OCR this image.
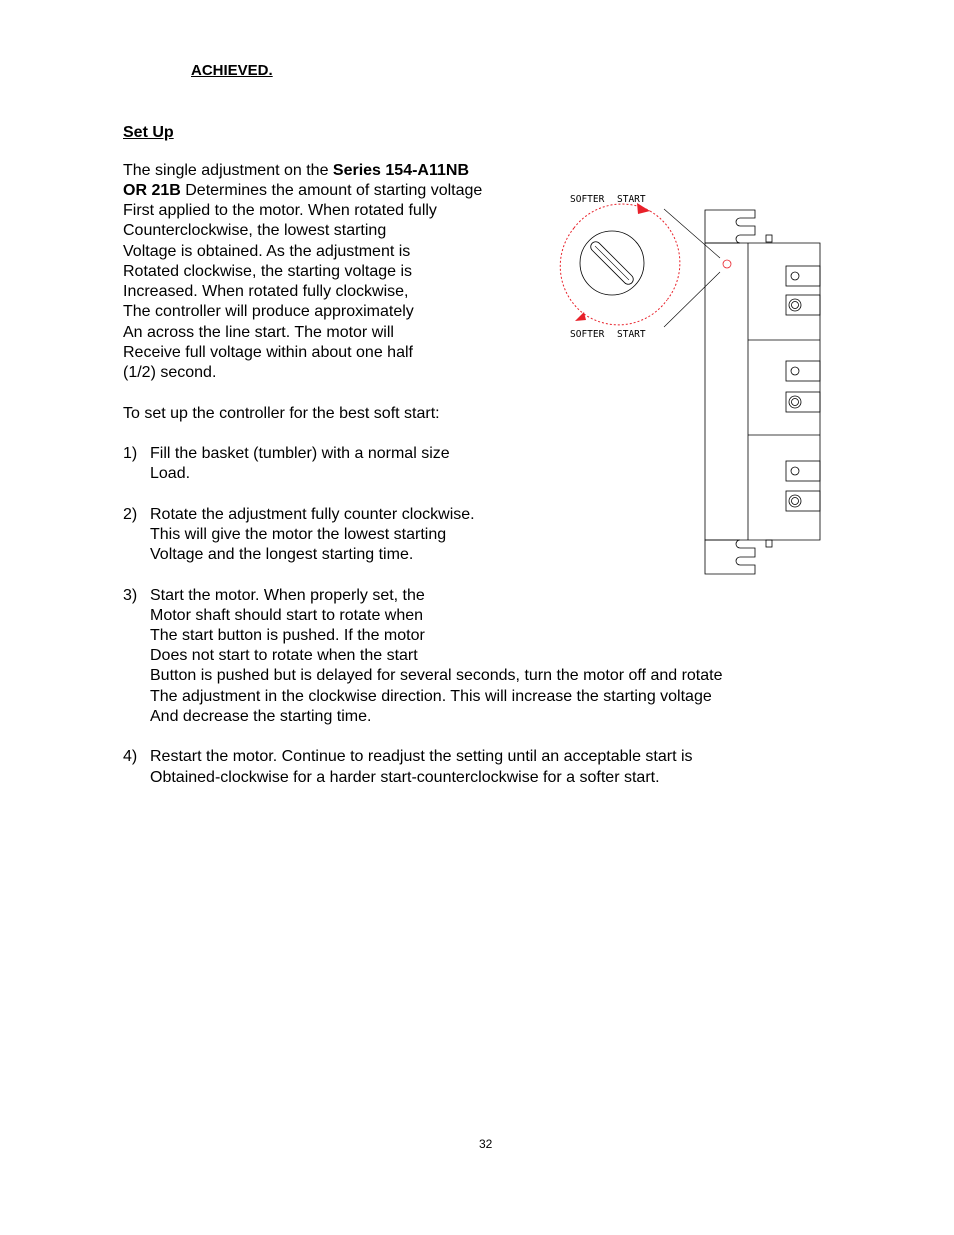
ACHIEVED.
Set Up
The single adjustment on the Series 154-A11NB
OR 21B Determines the amount of starting voltage
First applied to the motor. When rotated fully
Counterclockwise, the lowest starting
Voltage is obtained. As the adjustment is
Rotated clockwise, the starting voltage is
Increased. When rotated fully clockwise,
The controller will produce approximately
An across the line start. The motor will
Receive full voltage within about one half
(1/2) second.
To set up the controller for the best soft start:
1) Fill the basket (tumbler) with a normal size
Load.
2) Rotate the adjustment fully counter clockwise.
This will give the motor the lowest starting
Voltage and the longest starting time.
3) Start the motor. When properly set, the
Motor shaft should start to rotate when
The start button is pushed. If the motor
Does not start to rotate when the start
Button is pushed but is delayed for several seconds, turn the motor off and rotate
The adjustment in the clockwise direction. This will increase the starting voltage
And decrease the starting time.
4) Restart the motor. Continue to readjust the setting until an acceptable start is
Obtained-clockwise for a harder start-counterclockwise for a softer start.
SOFTER START
SOFTER START
32
